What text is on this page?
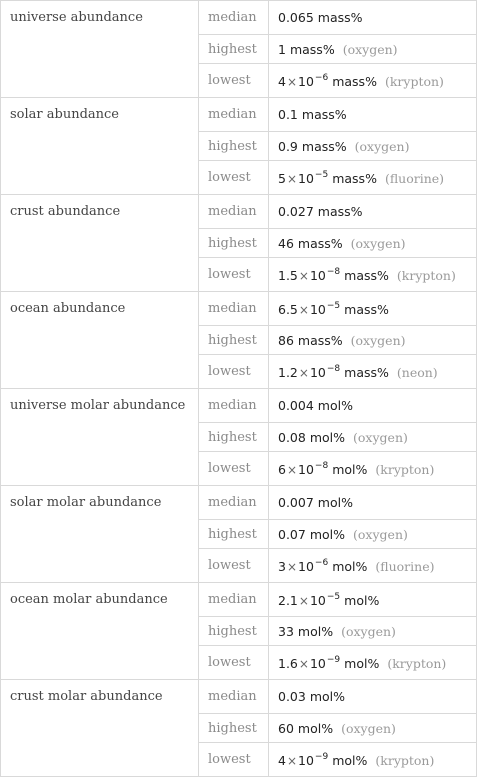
universe abundance	median	0.065 mass%
	highest	1 mass% (oxygen)
	lowest	$4\times 10^{-6}$ mass% (krypton)
solar abundance	median	0.1 mass%
	highest	0.9 mass% (oxygen)
	lowest	$5\times 10^{-5}$ mass% (fluorine)
crust abundance	median	0.027 mass%
	highest	46 mass% (oxygen)
	lowest	$1.5\times 10^{-8}$ mass% (krypton)
ocean abundance	median	$6.5\times 10^{-5}$ mass%
	highest	86 mass% (oxygen)
	lowest	$1.2\times 10^{-8}$ mass% (neon)
universe molar abundance	median	0.004 mol%
	highest	0.08 mol% (oxygen)
	lowest	$6\times 10^{-8}$ mol% (krypton)
solar molar abundance	median	0.007 mol%
	highest	0.07 mol% (oxygen)
	lowest	$3\times 10^{-6}$ mol% (fluorine)
ocean molar abundance	median	$2.1\times 10^{-5}$ mol%
	highest	33 mol% (oxygen)
	lowest	$1.6\times 10^{-9}$ mol% (krypton)
crust molar abundance	median	0.03 mol%
	highest	60 mol% (oxygen)
	lowest	$4\times 10^{-9}$ mol% (krypton)
